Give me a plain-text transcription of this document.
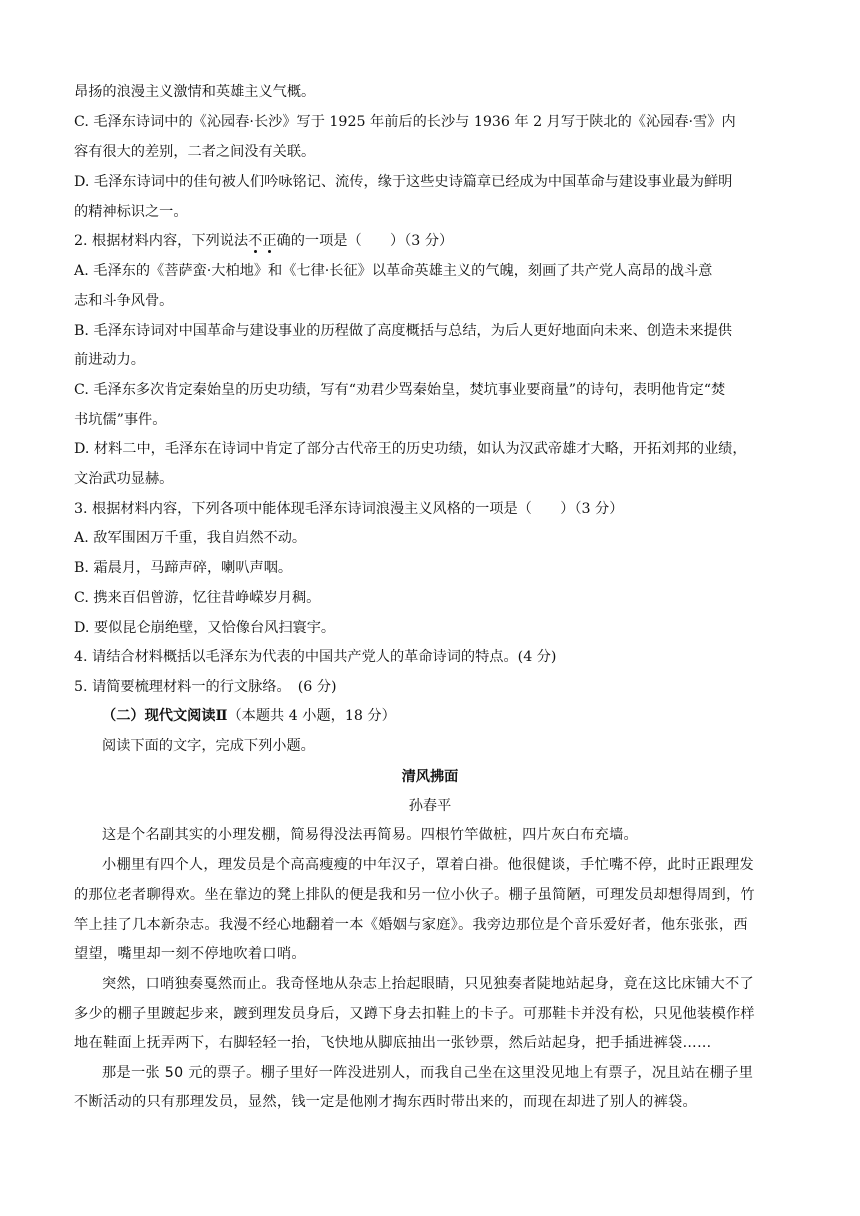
昂扬的浪漫主义激情和英雄主义气概。
C. 毛泽东诗词中的《沁园春·长沙》写于 1925 年前后的长沙与 1936 年 2 月写于陕北的《沁园春·雪》内
容有很大的差别，二者之间没有关联。
D. 毛泽东诗词中的佳句被人们吟咏铭记、流传，缘于这些史诗篇章已经成为中国革命与建设事业最为鲜明
的精神标识之一。
2. 根据材料内容，下列说法不正确的一项是（　　）（3 分）
A. 毛泽东的《菩萨蛮·大柏地》和《七律·长征》以革命英雄主义的气魄，刻画了共产党人高昂的战斗意
志和斗争风骨。
B. 毛泽东诗词对中国革命与建设事业的历程做了高度概括与总结，为后人更好地面向未来、创造未来提供
前进动力。
C. 毛泽东多次肯定秦始皇的历史功绩，写有“劝君少骂秦始皇，焚坑事业要商量”的诗句，表明他肯定“焚
书坑儒”事件。
D. 材料二中，毛泽东在诗词中肯定了部分古代帝王的历史功绩，如认为汉武帝雄才大略，开拓刘邦的业绩，
文治武功显赫。
3. 根据材料内容，下列各项中能体现毛泽东诗词浪漫主义风格的一项是（　　）（3 分）
A. 敌军围困万千重，我自岿然不动。
B. 霜晨月，马蹄声碎，喇叭声咽。
C. 携来百侣曾游，忆往昔峥嵘岁月稠。
D. 要似昆仑崩绝壁，又恰像台风扫寰宇。
4. 请结合材料概括以毛泽东为代表的中国共产党人的革命诗词的特点。(4 分)
5. 请简要梳理材料一的行文脉络。　(6 分)
（二）现代文阅读Ⅱ（本题共 4 小题，18 分）
阅读下面的文字，完成下列小题。
清风拂面
孙春平
这是个名副其实的小理发棚，简易得没法再简易。四根竹竿做桩，四片灰白布充墙。
小棚里有四个人，理发员是个高高瘦瘦的中年汉子，罩着白褂。他很健谈，手忙嘴不停，此时正跟理发
的那位老者聊得欢。坐在靠边的凳上排队的便是我和另一位小伙子。棚子虽简陋，可理发员却想得周到，竹
竿上挂了几本新杂志。我漫不经心地翻着一本《婚姻与家庭》。我旁边那位是个音乐爱好者，他东张张，西
望望，嘴里却一刻不停地吹着口哨。
突然，口哨独奏戛然而止。我奇怪地从杂志上抬起眼睛，只见独奏者陡地站起身，竟在这比床铺大不了
多少的棚子里踱起步来，踱到理发员身后，又蹲下身去扣鞋上的卡子。可那鞋卡并没有松，只见他装模作样
地在鞋面上抚弄两下，右脚轻轻一抬，飞快地从脚底抽出一张钞票，然后站起身，把手插进裤袋……
那是一张 50 元的票子。棚子里好一阵没进别人，而我自己坐在这里没见地上有票子，况且站在棚子里
不断活动的只有那理发员，显然，钱一定是他刚才掏东西时带出来的，而现在却进了别人的裤袋。
